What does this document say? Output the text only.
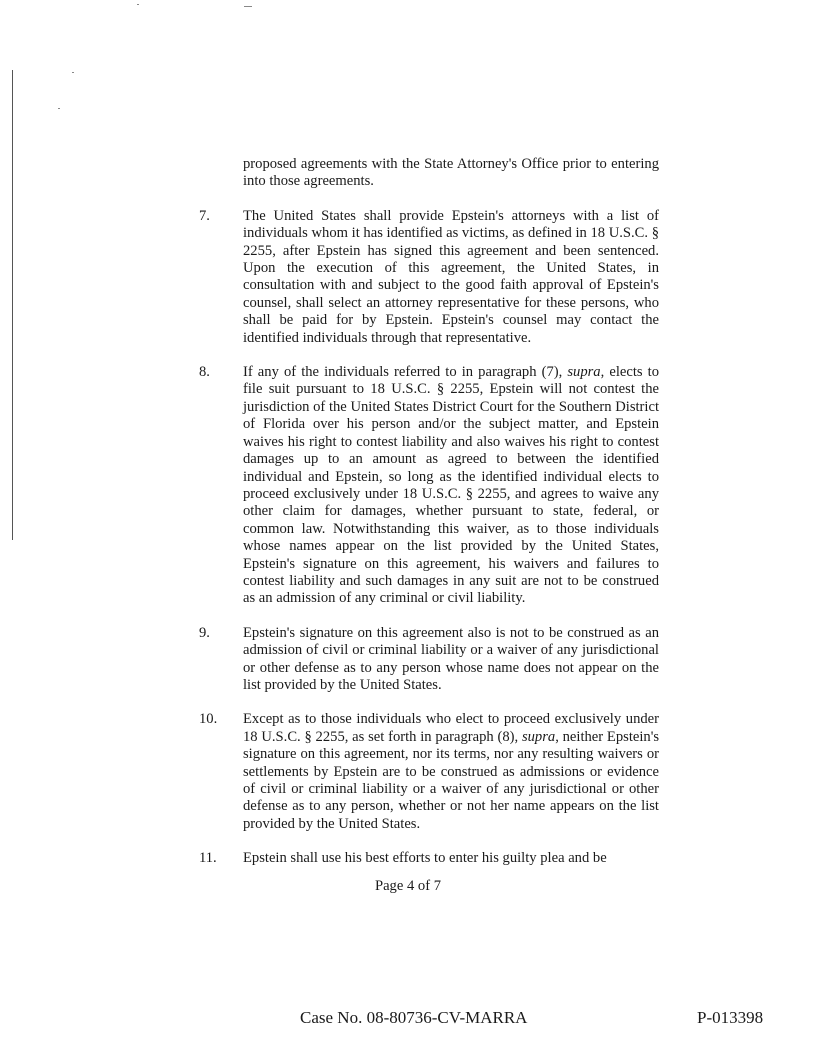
proposed agreements with the State Attorney's Office prior to entering into those agreements.
7. The United States shall provide Epstein's attorneys with a list of individuals whom it has identified as victims, as defined in 18 U.S.C. § 2255, after Epstein has signed this agreement and been sentenced. Upon the execution of this agreement, the United States, in consultation with and subject to the good faith approval of Epstein's counsel, shall select an attorney representative for these persons, who shall be paid for by Epstein. Epstein's counsel may contact the identified individuals through that representative.
8. If any of the individuals referred to in paragraph (7), supra, elects to file suit pursuant to 18 U.S.C. § 2255, Epstein will not contest the jurisdiction of the United States District Court for the Southern District of Florida over his person and/or the subject matter, and Epstein waives his right to contest liability and also waives his right to contest damages up to an amount as agreed to between the identified individual and Epstein, so long as the identified individual elects to proceed exclusively under 18 U.S.C. § 2255, and agrees to waive any other claim for damages, whether pursuant to state, federal, or common law. Notwithstanding this waiver, as to those individuals whose names appear on the list provided by the United States, Epstein's signature on this agreement, his waivers and failures to contest liability and such damages in any suit are not to be construed as an admission of any criminal or civil liability.
9. Epstein's signature on this agreement also is not to be construed as an admission of civil or criminal liability or a waiver of any jurisdictional or other defense as to any person whose name does not appear on the list provided by the United States.
10. Except as to those individuals who elect to proceed exclusively under 18 U.S.C. § 2255, as set forth in paragraph (8), supra, neither Epstein's signature on this agreement, nor its terms, nor any resulting waivers or settlements by Epstein are to be construed as admissions or evidence of civil or criminal liability or a waiver of any jurisdictional or other defense as to any person, whether or not her name appears on the list provided by the United States.
11. Epstein shall use his best efforts to enter his guilty plea and be
Page 4 of 7
Case No. 08-80736-CV-MARRA	P-013398
